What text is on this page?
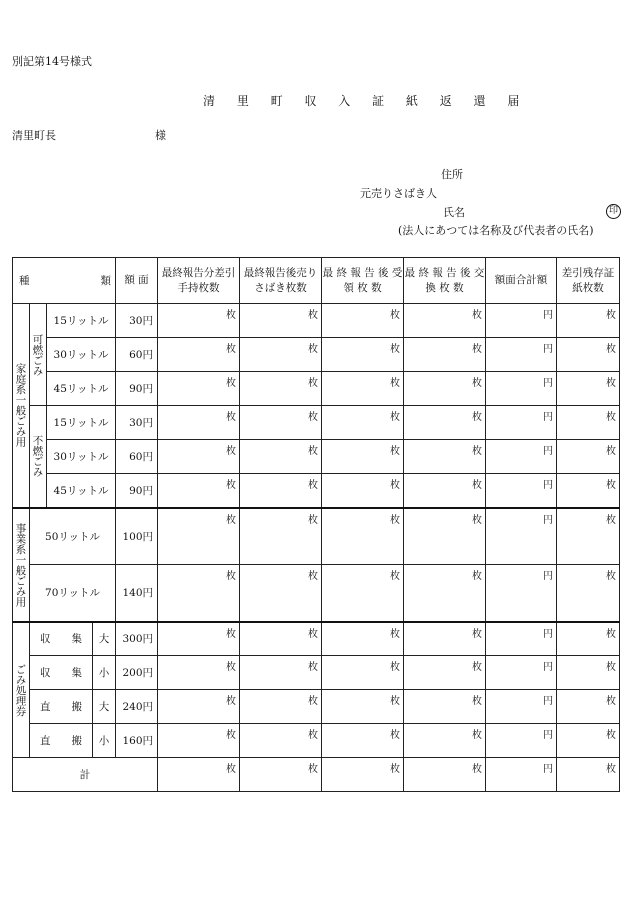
別記第14号様式
清 里 町 収 入 証 紙 返 還 届
清里町長	様
住所
元売りさばき人
氏名	印
(法人にあつては名称及び代表者の氏名)
種 類				額 面	最終報告分差引手持枚数	最終報告後売りさばき枚数	最 終 報 告 後 受 領 枚 数	最 終 報 告 後 交 換 枚 数	額面合計額	差引残存証紙枚数

家庭系一般ごみ用	可燃ごみ	15リットル		30円	枚	枚	枚	枚	円	枚
		30リットル		60円	枚	枚	枚	枚	円	枚
		45リットル		90円	枚	枚	枚	枚	円	枚

	不燃ごみ	15リットル		30円	枚	枚	枚	枚	円	枚
		30リットル		60円	枚	枚	枚	枚	円	枚
		45リットル		90円	枚	枚	枚	枚	円	枚

事業系一般ごみ用	50リットル			100円	枚	枚	枚	枚	円	枚
	70リットル			140円	枚	枚	枚	枚	円	枚

ごみ処理券	収　　集		大	300円	枚	枚	枚	枚	円	枚
	収　　集		小	200円	枚	枚	枚	枚	円	枚
	直　　搬		大	240円	枚	枚	枚	枚	円	枚
	直　　搬		小	160円	枚	枚	枚	枚	円	枚
計					枚	枚	枚	枚	円	枚
